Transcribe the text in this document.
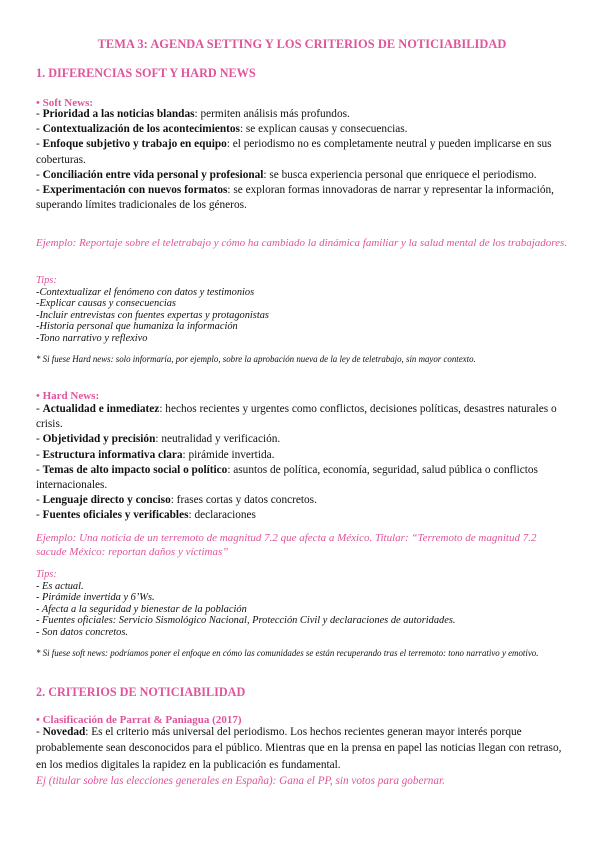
TEMA 3: AGENDA SETTING Y LOS CRITERIOS DE NOTICIABILIDAD
1. DIFERENCIAS SOFT Y HARD NEWS
• Soft News:

- Prioridad a las noticias blandas: permiten análisis más profundos.

- Contextualización de los acontecimientos: se explican causas y consecuencias.

- Enfoque subjetivo y trabajo en equipo: el periodismo no es completamente neutral y pueden implicarse en sus coberturas.

- Conciliación entre vida personal y profesional: se busca experiencia personal que enriquece el periodismo.

- Experimentación con nuevos formatos: se exploran formas innovadoras de narrar y representar la información, superando límites tradicionales de los géneros.

Ejemplo: Reportaje sobre el teletrabajo y cómo ha cambiado la dinámica familiar y la salud mental de los trabajadores.

Tips:

-Contextualizar el fenómeno con datos y testimonios

-Explicar causas y consecuencias

-Incluir entrevistas con fuentes expertas y protagonistas

-Historia personal que humaniza la información

-Tono narrativo y reflexivo

* Si fuese Hard news: solo informaría, por ejemplo, sobre la aprobación nueva de la ley de teletrabajo, sin mayor contexto.
• Hard News:

- Actualidad e inmediatez: hechos recientes y urgentes como conflictos, decisiones políticas, desastres naturales o crisis.

- Objetividad y precisión: neutralidad y verificación.

- Estructura informativa clara: pirámide invertida.

- Temas de alto impacto social o político: asuntos de política, economía, seguridad, salud pública o conflictos internacionales.

- Lenguaje directo y conciso: frases cortas y datos concretos.

- Fuentes oficiales y verificables: declaraciones

Ejemplo: Una noticia de un terremoto de magnitud 7.2 que afecta a México. Titular: “Terremoto de magnitud 7.2 sacude México: reportan daños y víctimas”

Tips:

- Es actual.

- Pirámide invertida y 6’Ws.

- Afecta a la seguridad y bienestar de la población

- Fuentes oficiales: Servicio Sismológico Nacional, Protección Civil y declaraciones de autoridades.

- Son datos concretos.

* Si fuese soft news: podríamos poner el enfoque en cómo las comunidades se están recuperando tras el terremoto: tono narrativo y emotivo.
2. CRITERIOS DE NOTICIABILIDAD
• Clasificación de Parrat & Paniagua (2017)

- Novedad: Es el criterio más universal del periodismo. Los hechos recientes generan mayor interés porque probablemente sean desconocidos para el público. Mientras que en la prensa en papel las noticias llegan con retraso, en los medios digitales la rapidez en la publicación es fundamental.

Ej (titular sobre las elecciones generales en España): Gana el PP, sin votos para gobernar.
